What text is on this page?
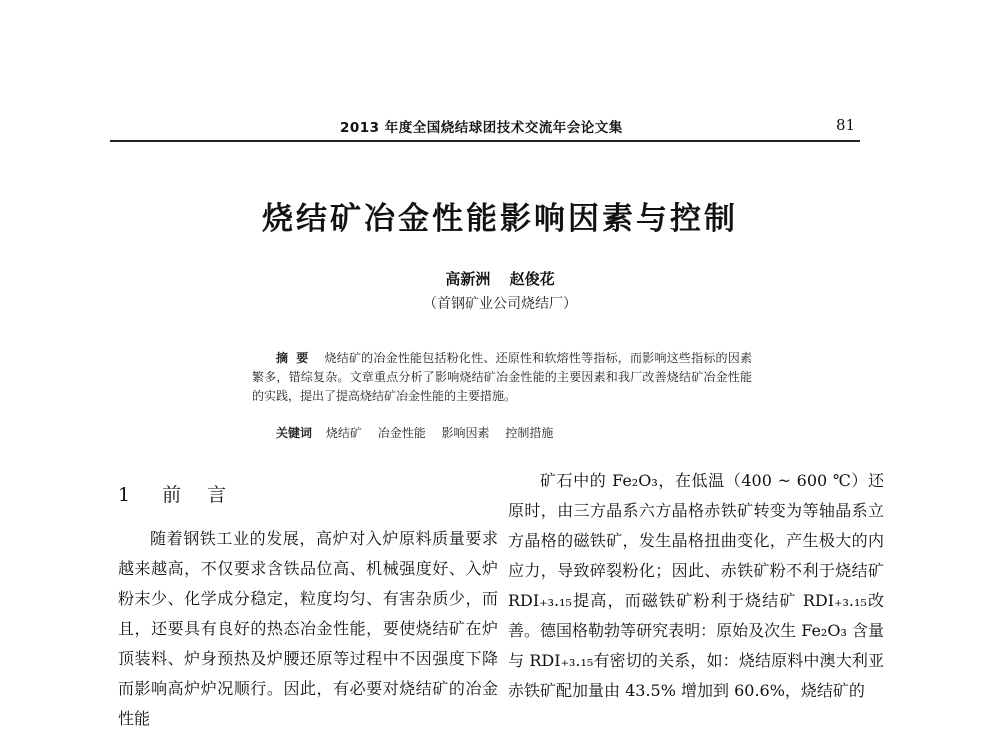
2013 年度全国烧结球团技术交流年会论文集	81
烧结矿冶金性能影响因素与控制
高新洲 赵俊花
（首钢矿业公司烧结厂）
摘要 烧结矿的冶金性能包括粉化性、还原性和软熔性等指标，而影响这些指标的因素繁多，错综复杂。文章重点分析了影响烧结矿冶金性能的主要因素和我厂改善烧结矿冶金性能的实践，提出了提高烧结矿冶金性能的主要措施。
关键词 烧结矿 冶金性能 影响因素 控制措施
1 前言
随着钢铁工业的发展，高炉对入炉原料质量要求越来越高，不仅要求含铁品位高、机械强度好、入炉粉末少、化学成分稳定，粒度均匀、有害杂质少，而且，还要具有良好的热态冶金性能，要使烧结矿在炉顶装料、炉身预热及炉腰还原等过程中不因强度下降而影响高炉炉况顺行。因此，有必要对烧结矿的冶金性能
矿石中的 Fe₂O₃，在低温（400 ~ 600 ℃）还原时，由三方晶系六方晶格赤铁矿转变为等轴晶系立方晶格的磁铁矿，发生晶格扭曲变化，产生极大的内应力，导致碎裂粉化；因此、赤铁矿粉不利于烧结矿 RDI₊₃.₁₅提高，而磁铁矿粉利于烧结矿 RDI₊₃.₁₅改善。德国格勒勃等研究表明：原始及次生 Fe₂O₃ 含量与 RDI₊₃.₁₅有密切的关系，如：烧结原料中澳大利亚赤铁矿配加量由 43.5% 增加到 60.6%，烧结矿的
